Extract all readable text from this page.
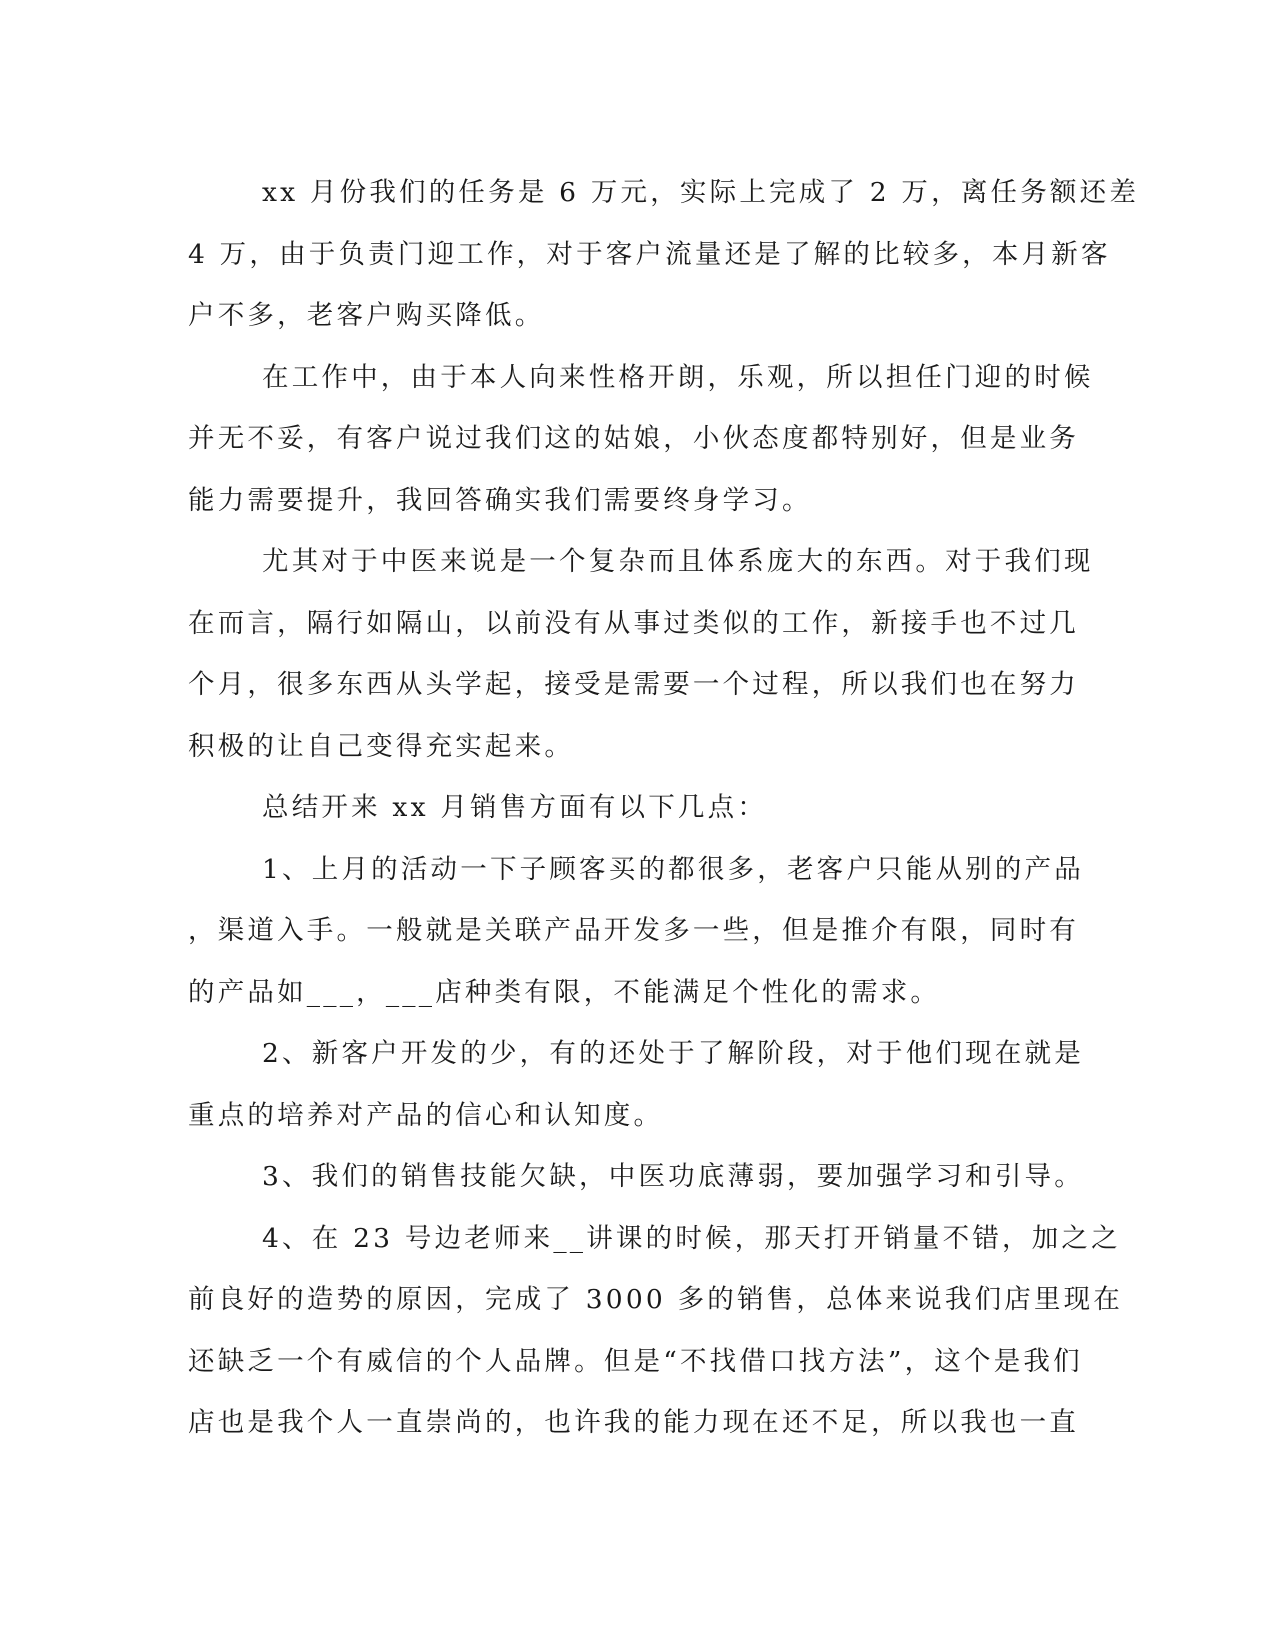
xx 月份我们的任务是 6 万元，实际上完成了 2 万，离任务额还差
4 万，由于负责门迎工作，对于客户流量还是了解的比较多，本月新客
户不多，老客户购买降低。
在工作中，由于本人向来性格开朗，乐观，所以担任门迎的时候
并无不妥，有客户说过我们这的姑娘，小伙态度都特别好，但是业务
能力需要提升，我回答确实我们需要终身学习。
尤其对于中医来说是一个复杂而且体系庞大的东西。对于我们现
在而言，隔行如隔山，以前没有从事过类似的工作，新接手也不过几
个月，很多东西从头学起，接受是需要一个过程，所以我们也在努力
积极的让自己变得充实起来。
总结开来 xx 月销售方面有以下几点：
1、上月的活动一下子顾客买的都很多，老客户只能从别的产品
，渠道入手。一般就是关联产品开发多一些，但是推介有限，同时有
的产品如___，___店种类有限，不能满足个性化的需求。
2、新客户开发的少，有的还处于了解阶段，对于他们现在就是
重点的培养对产品的信心和认知度。
3、我们的销售技能欠缺，中医功底薄弱，要加强学习和引导。
4、在 23 号边老师来__讲课的时候，那天打开销量不错，加之之
前良好的造势的原因，完成了 3000 多的销售，总体来说我们店里现在
还缺乏一个有威信的个人品牌。但是“不找借口找方法”，这个是我们
店也是我个人一直崇尚的，也许我的能力现在还不足，所以我也一直
